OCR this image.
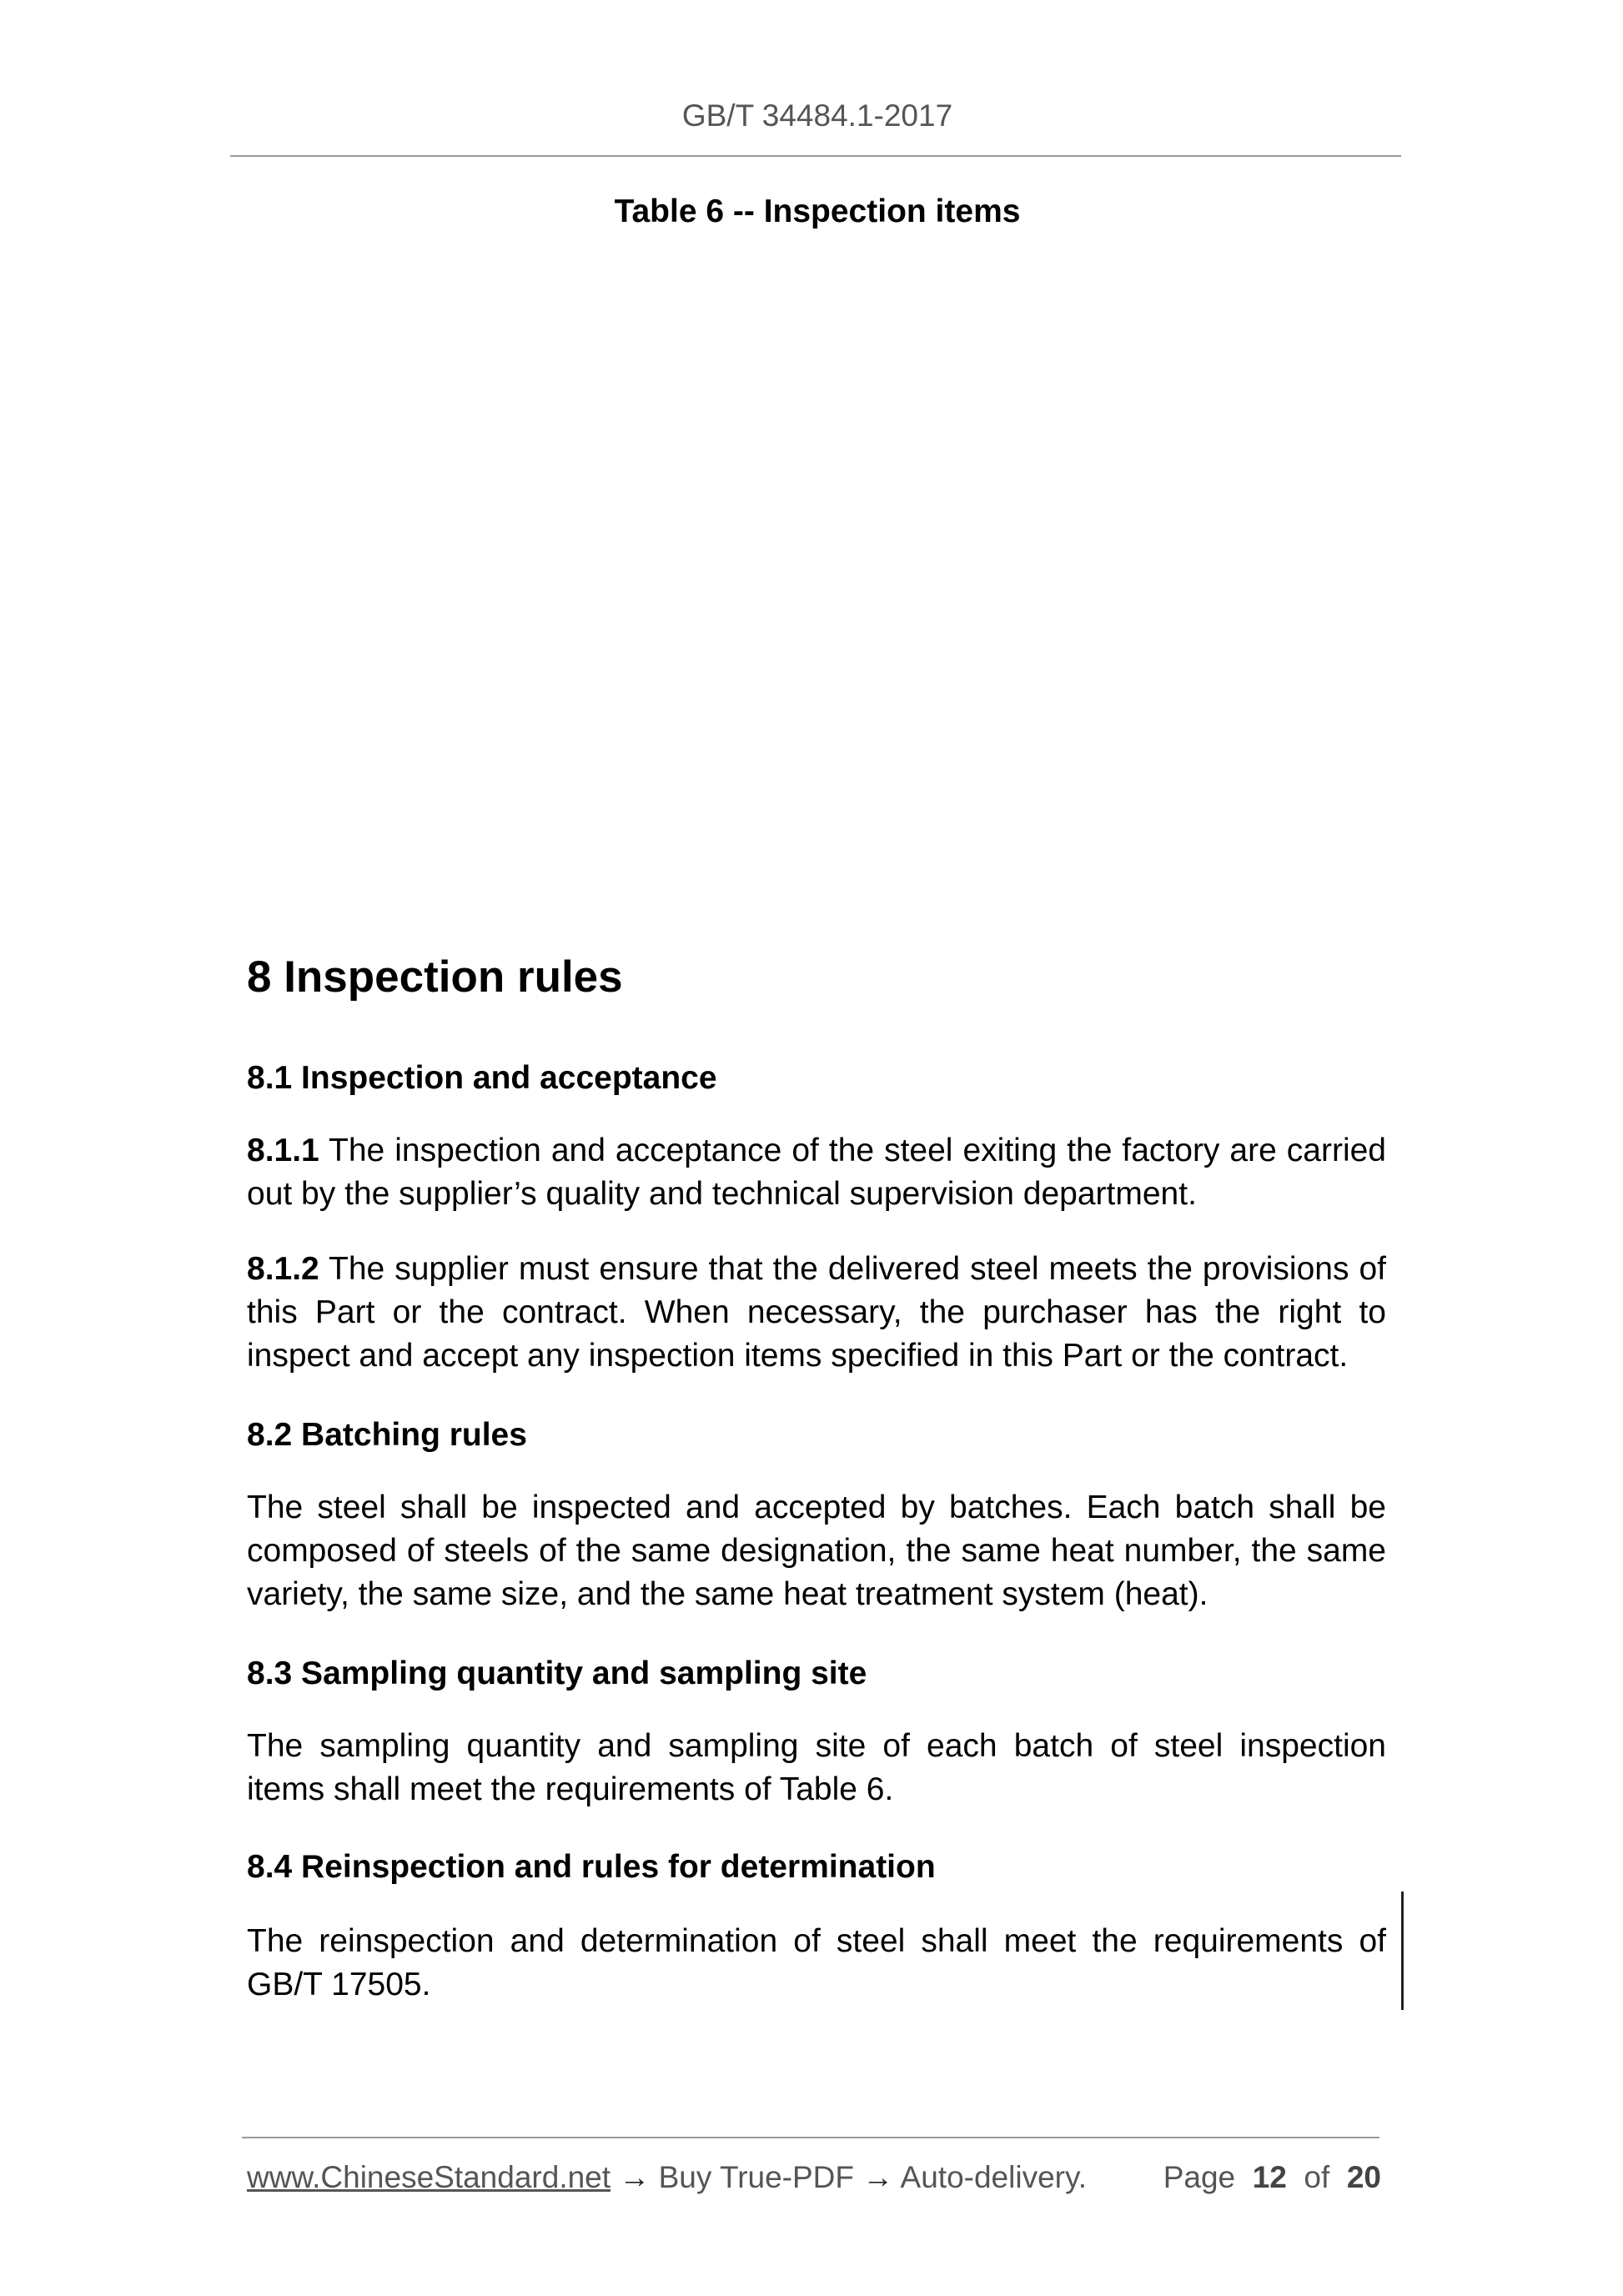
GB/T 34484.1-2017
Table 6 -- Inspection items
8 Inspection rules
8.1 Inspection and acceptance
8.1.1 The inspection and acceptance of the steel exiting the factory are carried out by the supplier’s quality and technical supervision department.
8.1.2 The supplier must ensure that the delivered steel meets the provisions of this Part or the contract. When necessary, the purchaser has the right to inspect and accept any inspection items specified in this Part or the contract.
8.2 Batching rules
The steel shall be inspected and accepted by batches. Each batch shall be composed of steels of the same designation, the same heat number, the same variety, the same size, and the same heat treatment system (heat).
8.3 Sampling quantity and sampling site
The sampling quantity and sampling site of each batch of steel inspection items shall meet the requirements of Table 6.
8.4 Reinspection and rules for determination
The reinspection and determination of steel shall meet the requirements of GB/T 17505.
www.ChineseStandard.net → Buy True-PDF → Auto-delivery. Page 12 of 20
